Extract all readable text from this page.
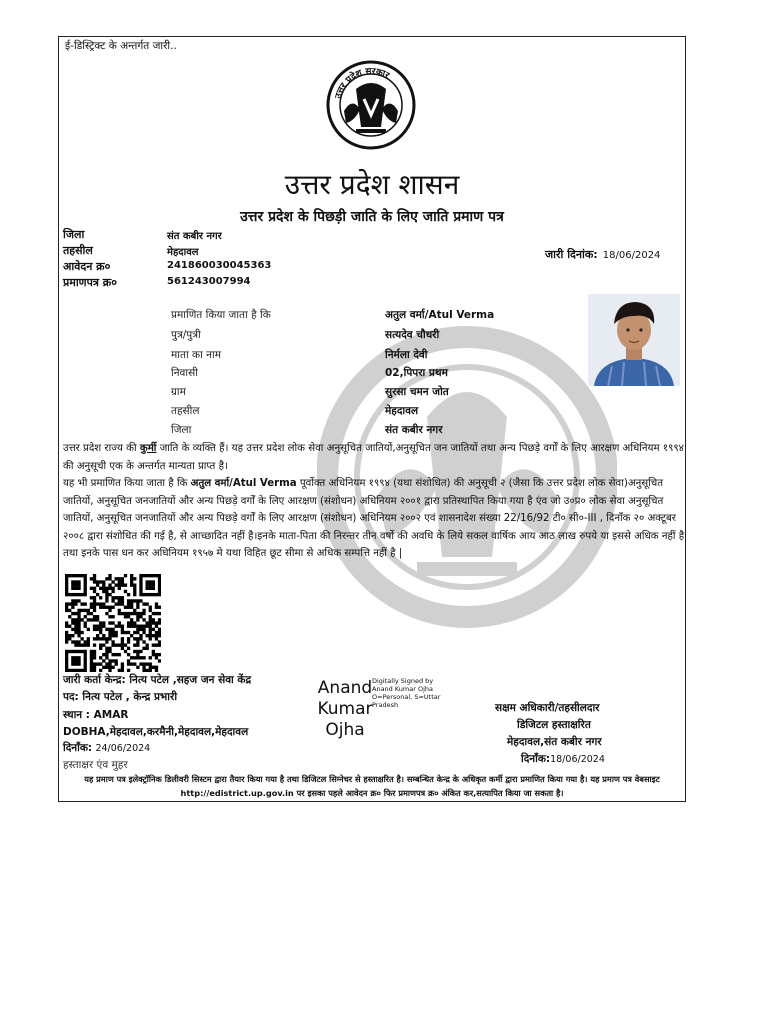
ई-डिस्ट्रिक्ट के अन्तर्गत जारी..
उत्तर प्रदेश सरकार
उत्तर प्रदेश शासन
उत्तर प्रदेश के पिछड़ी जाति के लिए जाति प्रमाण पत्र
जिला	संत कबीर नगर
तहसील	मेहदावल
आवेदन क्र०	241860030045363
प्रमाणपत्र क्र०	561243007994
जारी दिनांक: 18/06/2024
प्रमाणित किया जाता है कि	अतुल वर्मा/Atul Verma
पुत्र/पुत्री	सत्यदेव चौधरी
माता का नाम	निर्मला देवी
निवासी	02,पिपरा प्रथम
ग्राम	सुरसा चमन जोत
तहसील	मेहदावल
जिला	संत कबीर नगर
उत्तर प्रदेश राज्य की कुर्मी जाति के व्यक्ति हैं। यह उत्तर प्रदेश लोक सेवा अनुसूचित जातियों,अनुसूचित जन जातियों तथा अन्य पिछड़े वर्गों के लिए आरक्षण अधिनियम १९९४ की अनुसूची एक के अन्तर्गत मान्यता प्राप्त है।
यह भी प्रमाणित किया जाता है कि अतुल वर्मा/Atul Verma पूर्वोक्त अधिनियम १९९४ (यथा संशोधित) की अनुसूची २ (जैसा कि उत्तर प्रदेश लोक सेवा)अनुसूचित जातियों, अनुसूचित जनजातियों और अन्य पिछड़े वर्गों के लिए आरक्षण (संशोधन) अधिनियम २००१ द्वारा प्रतिस्थापित किया गया है एंव जो उ०प्र० लोक सेवा अनुसूचित जातियों, अनुसूचित जनजातियों और अन्य पिछड़े वर्गों के लिए आरक्षण (संशोधन) अधिनियम २००२ एवं शासनादेश संख्या 22/16/92 टी० सी०-III , दिनाँक २० अक्टूबर २००८ द्वारा संशोधित की गई है, से आच्छादित नहीं है।इनके माता-पिता की निरन्तर तीन वर्षो की अवधि के लिये सकल वार्षिक आय आठ लाख रुपये या इससे अधिक नहीं है तथा इनके पास धन कर अधिनियम १९५७ मे यथा विहित छूट सीमा से अधिक सम्पत्ति नहीं है |
जारी कर्ता केन्द्र: नित्य पटेल ,सहज जन सेवा केंद्र
पद: नित्य पटेल , केन्द्र प्रभारी
स्थान : AMAR
DOBHA,मेहदावल,करमैनी,मेहदावल,मेहदावल
दिनाँक: 24/06/2024
हस्ताक्षर एंव मुहर
Anand
Kumar
Ojha
Digitally Signed by Anand Kumar Ojha O=Personal, S=Uttar Pradesh	सक्षम अधिकारी/तहसीलदार
डिजिटल हस्ताक्षरित
मेहदावल,संत कबीर नगर
दिनाँक:18/06/2024
यह प्रमाण पत्र इलेक्ट्रॉनिक डिलीवरी सिस्टम द्वारा तैयार किया गया है तथा डिजिटल सिग्नेचर से हस्ताक्षरित है। सम्बन्धित केन्द्र के अधिकृत कर्मी द्वारा प्रमाणित किया गया है। यह प्रमाण पत्र वेबसाइट http://edistrict.up.gov.in पर इसका पहले आवेदन क्र० फिर प्रमाणपत्र क्र० अंकित कर,सत्यापित किया जा सकता है।
